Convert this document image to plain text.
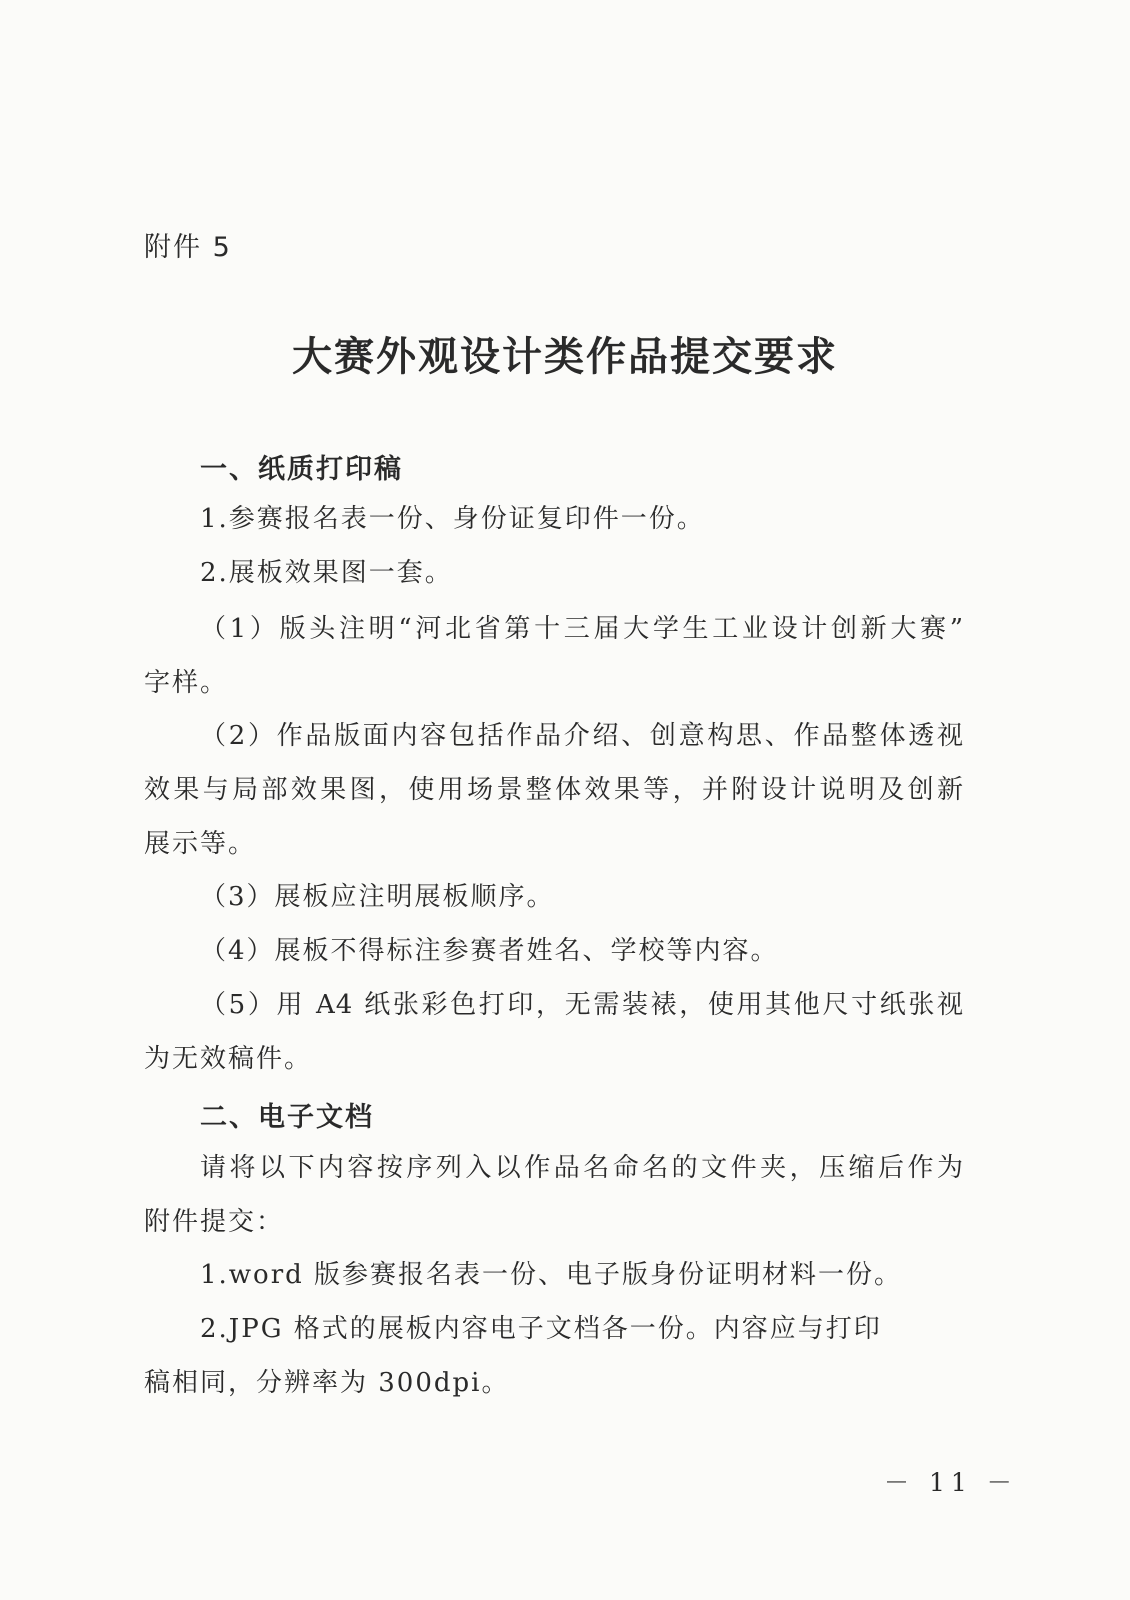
附件 5

大赛外观设计类作品提交要求
一、纸质打印稿

1.参赛报名表一份、身份证复印件一份。

2.展板效果图一套。

（1）版头注明“河北省第十三届大学生工业设计创新大赛”

字样。

（2）作品版面内容包括作品介绍、创意构思、作品整体透视

效果与局部效果图，使用场景整体效果等，并附设计说明及创新

展示等。

（3）展板应注明展板顺序。

（4）展板不得标注参赛者姓名、学校等内容。

（5）用 A4 纸张彩色打印，无需装裱，使用其他尺寸纸张视

为无效稿件。

二、电子文档

请将以下内容按序列入以作品名命名的文件夹，压缩后作为

附件提交：

1.word 版参赛报名表一份、电子版身份证明材料一份。

2.JPG 格式的展板内容电子文档各一份。内容应与打印

稿相同，分辨率为 300dpi。

－ 11 －
